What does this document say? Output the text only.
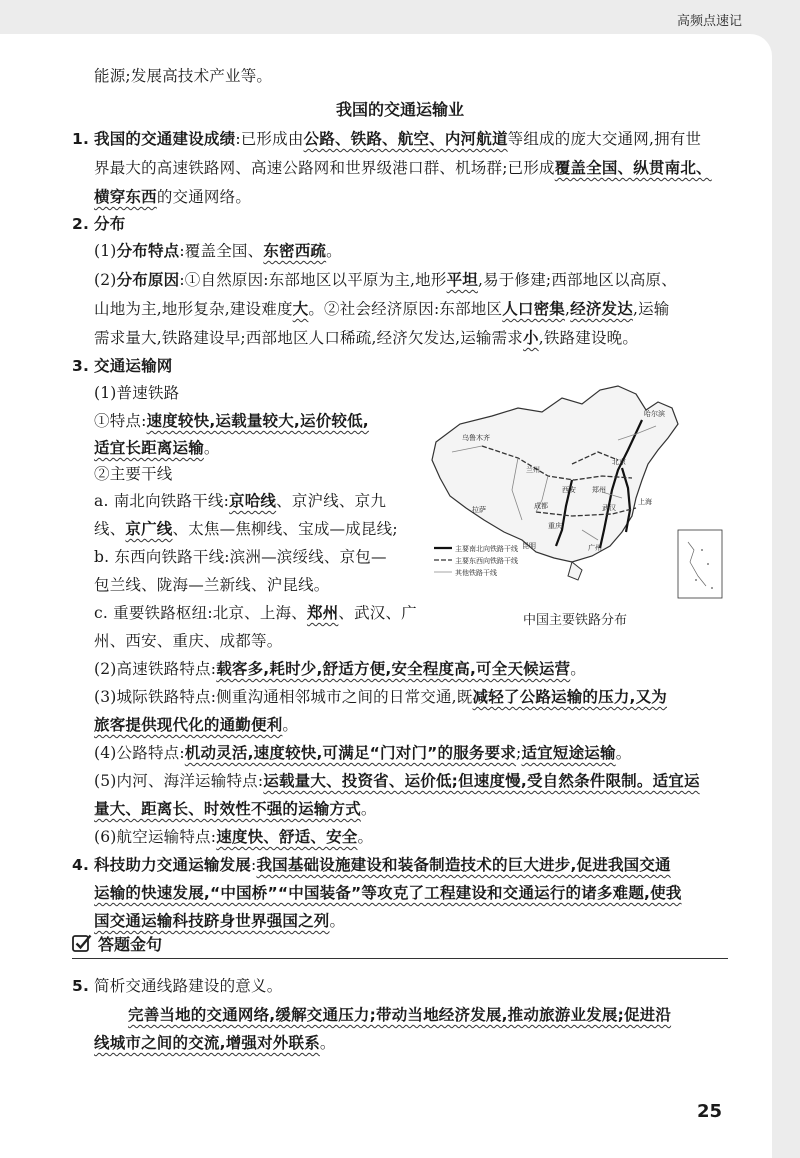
高频点速记
能源;发展高技术产业等。
我国的交通运输业
1. 我国的交通建设成绩:已形成由公路、铁路、航空、内河航道等组成的庞大交通网,拥有世
界最大的高速铁路网、高速公路网和世界级港口群、机场群;已形成覆盖全国、纵贯南北、
横穿东西的交通网络。
2. 分布
(1)分布特点:覆盖全国、东密西疏。
(2)分布原因:①自然原因:东部地区以平原为主,地形平坦,易于修建;西部地区以高原、
山地为主,地形复杂,建设难度大。②社会经济原因:东部地区人口密集,经济发达,运输
需求量大,铁路建设早;西部地区人口稀疏,经济欠发达,运输需求小,铁路建设晚。
3. 交通运输网
(1)普速铁路
①特点:速度较快,运载量较大,运价较低,
适宜长距离运输。
②主要干线
a. 南北向铁路干线:京哈线、京沪线、京九
线、京广线、太焦—焦柳线、宝成—成昆线;
b. 东西向铁路干线:滨洲—滨绥线、京包—
包兰线、陇海—兰新线、沪昆线。
c. 重要铁路枢纽:北京、上海、郑州、武汉、广
州、西安、重庆、成都等。
哈尔滨
北京
郑州
西安
武汉
上海
广州
成都
重庆
兰州
乌鲁木齐
拉萨
昆明
主要南北向铁路干线
主要东西向铁路干线
其他铁路干线
中国主要铁路分布
(2)高速铁路特点:载客多,耗时少,舒适方便,安全程度高,可全天候运营。
(3)城际铁路特点:侧重沟通相邻城市之间的日常交通,既减轻了公路运输的压力,又为
旅客提供现代化的通勤便利。
(4)公路特点:机动灵活,速度较快,可满足“门对门”的服务要求;适宜短途运输。
(5)内河、海洋运输特点:运载量大、投资省、运价低;但速度慢,受自然条件限制。适宜运
量大、距离长、时效性不强的运输方式。
(6)航空运输特点:速度快、舒适、安全。
4. 科技助力交通运输发展:我国基础设施建设和装备制造技术的巨大进步,促进我国交通
运输的快速发展,“中国桥”“中国装备”等攻克了工程建设和交通运行的诸多难题,使我
国交通运输科技跻身世界强国之列。
答题金句
5. 简析交通线路建设的意义。
完善当地的交通网络,缓解交通压力;带动当地经济发展,推动旅游业发展;促进沿
线城市之间的交流,增强对外联系。
25
